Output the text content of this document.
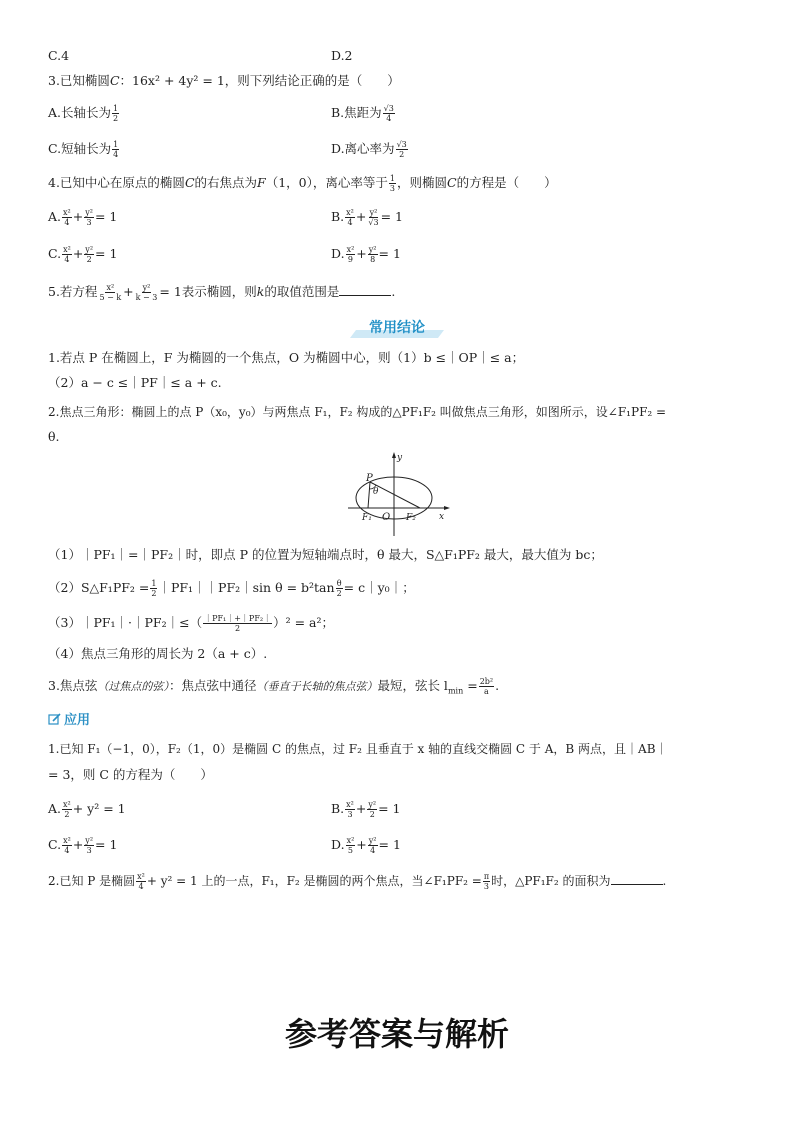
C.4	D.2
3.已知椭圆C：16x² + 4y² = 1，则下列结论正确的是（　　）
A.长轴长为 $\frac{1}{2}$	B.焦距为 $\frac{√3}{4}$
C.短轴长为 $\frac{1}{4}$	D.离心率为 $\frac{√3}{2}$
4.已知中心在原点的椭圆C的右焦点为F（1，0），离心率等于 $\frac{1}{3}$ ，则椭圆C的方程是（　　）
A. $\frac{\text{x²}}{4} + \frac{\text{y²}}{3} = 1$	B. $\frac{\text{x²}}{4} + \frac{\text{y²}}{√3} = 1$
C. $\frac{\text{x²}}{4} + \frac{\text{y²}}{2} = 1$	D. $\frac{\text{x²}}{9} + \frac{\text{y²}}{8} = 1$
5.若方程 $\frac{\text{x²}}{5 - k} + \frac{\text{y²}}{k - 3} = 1$表示椭圆，则k的取值范围是	.
常用结论
1.若点 P 在椭圆上，F 为椭圆的一个焦点，O 为椭圆中心，则（1）b ≤｜OP｜≤ a；
（2）a − c ≤｜PF｜≤ a + c.
2.焦点三角形：椭圆上的点 P（x₀，y₀）与两焦点 F₁，F₂ 构成的△PF₁F₂ 叫做焦点三角形，如图所示，设∠F₁PF₂ =
θ.
P
θ
y
x
O
F₁	F₂
（1）｜PF₁｜=｜PF₂｜时，即点 P 的位置为短轴端点时，θ 最大，S△F₁PF₂ 最大，最大值为 bc；
（2）S△F₁PF₂ = $\frac{1}{2}$ ｜PF₁｜｜PF₂｜sin $\theta = b^2\tan \frac{\theta}{2}$ = c｜y₀｜；
（3）｜PF₁｜·｜PF₂｜≤（ $\frac{\text{｜PF₁｜+｜PF₂｜}}{2} )^2 = a^2$；
（4）焦点三角形的周长为 2（a + c）.
3.焦点弦（过焦点的弦）：焦点弦中通径（垂直于长轴的焦点弦）最短，弦长 $l_{min} = \frac{\text{2b²}}{a}$ .
应用
1.已知 F₁（−1，0），F₂（1，0）是椭圆 C 的焦点，过 F₂ 且垂直于 x 轴的直线交椭圆 C 于 A，B 两点，且｜AB｜
= 3，则 C 的方程为（　　）
A. $\frac{\text{x²}}{2} + y^2 = 1$	B. $\frac{\text{x²}}{3} + \frac{\text{y²}}{2} = 1$
C. $\frac{\text{x²}}{4} + \frac{\text{y²}}{3} = 1$	D. $\frac{\text{x²}}{5} + \frac{\text{y²}}{4} = 1$
2.已知 P 是椭圆 $\frac{\text{x²}}{4} + y^2 = 1$ 上的一点，F₁，F₂ 是椭圆的两个焦点，当∠F₁PF₂ = $\frac{\pi}{3}$ 时，△PF₁F₂ 的面积为	.
参考答案与解析
